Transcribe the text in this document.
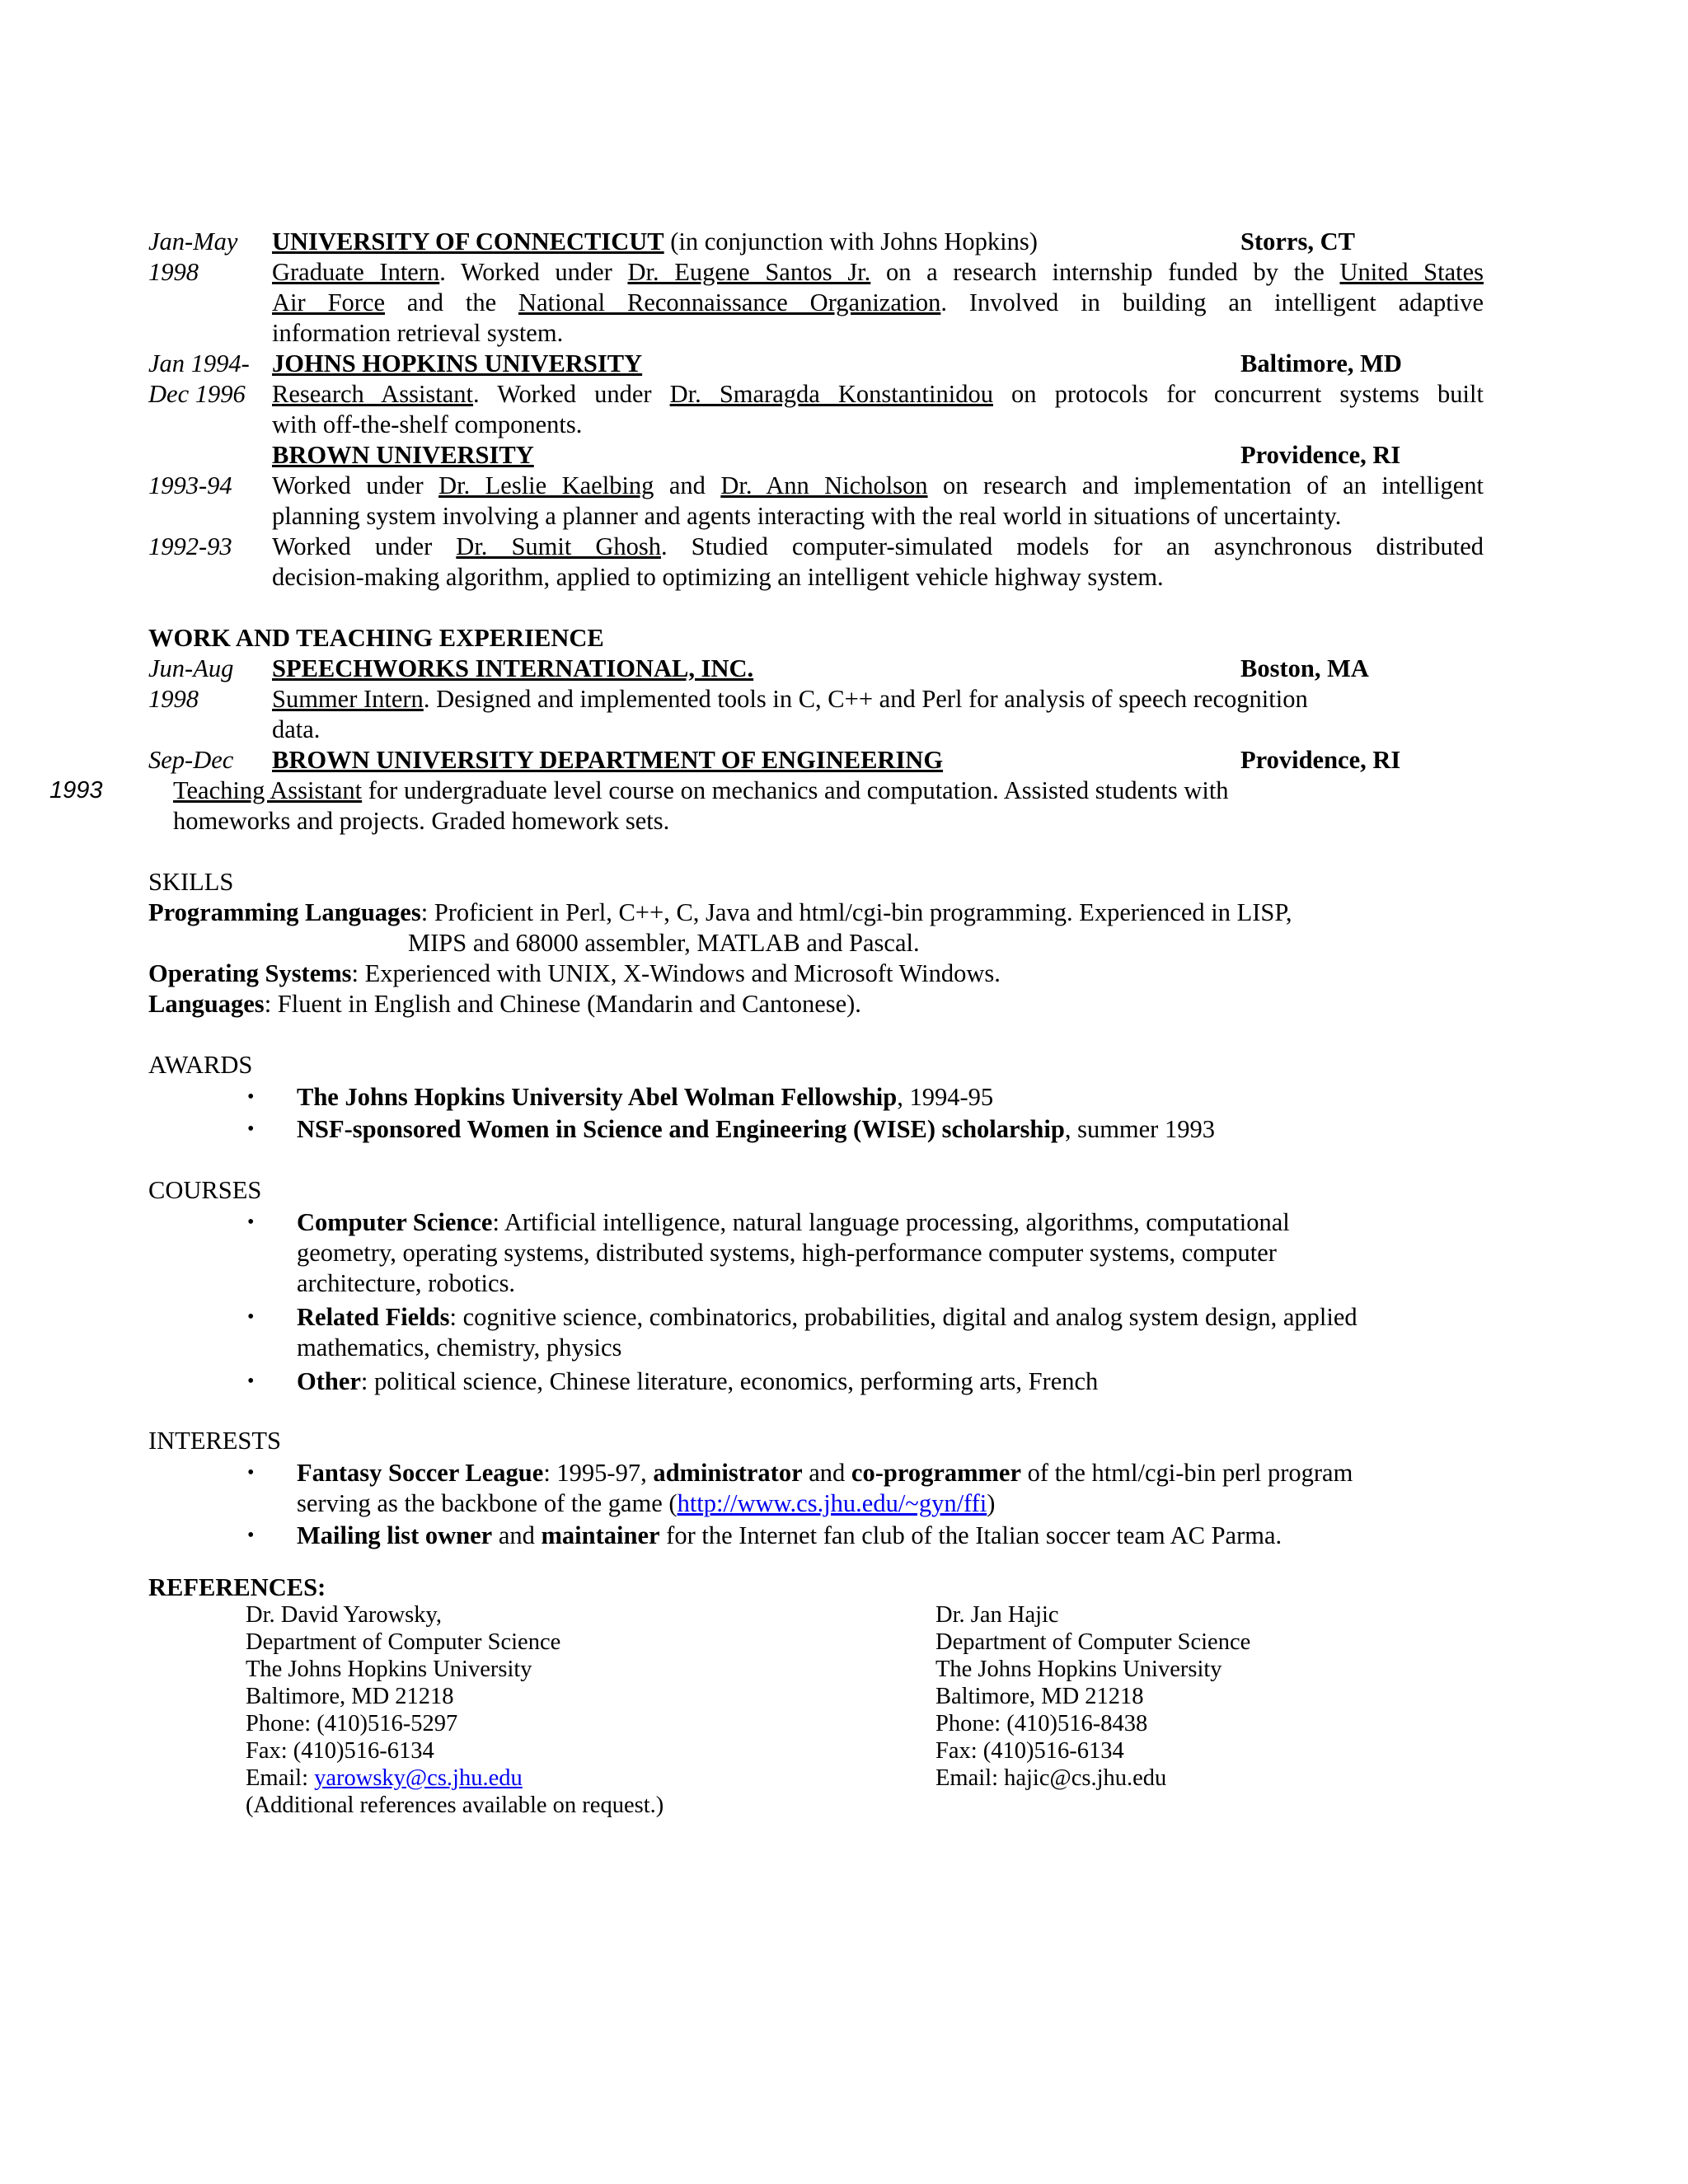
Jan-May UNIVERSITY OF CONNECTICUT (in conjunction with Johns Hopkins)	Storrs, CT
1998	Graduate Intern. Worked under Dr. Eugene Santos Jr. on a research internship funded by the United States
Air Force and the National Reconnaissance Organization. Involved in building an intelligent adaptive
information retrieval system.
Jan 1994- JOHNS HOPKINS UNIVERSITY	Baltimore, MD
Dec 1996 Research Assistant. Worked under Dr. Smaragda Konstantinidou on protocols for concurrent systems built
with off-the-shelf components.
BROWN UNIVERSITY	Providence, RI
1993-94 Worked under Dr. Leslie Kaelbing and Dr. Ann Nicholson on research and implementation of an intelligent
planning system involving a planner and agents interacting with the real world in situations of uncertainty.
1992-93 Worked under Dr. Sumit Ghosh. Studied computer-simulated models for an asynchronous distributed
decision-making algorithm, applied to optimizing an intelligent vehicle highway system.
WORK AND TEACHING EXPERIENCE
Jun-Aug SPEECHWORKS INTERNATIONAL, INC.	Boston, MA
1998	Summer Intern. Designed and implemented tools in C, C++ and Perl for analysis of speech recognition
data.
Sep-Dec BROWN UNIVERSITY DEPARTMENT OF ENGINEERING	Providence, RI
1993	Teaching Assistant for undergraduate level course on mechanics and computation. Assisted students with
homeworks and projects. Graded homework sets.
SKILLS
Programming Languages: Proficient in Perl, C++, C, Java and html/cgi-bin programming. Experienced in LISP,
MIPS and 68000 assembler, MATLAB and Pascal.
Operating Systems: Experienced with UNIX, X-Windows and Microsoft Windows.
Languages: Fluent in English and Chinese (Mandarin and Cantonese).
AWARDS
• The Johns Hopkins University Abel Wolman Fellowship, 1994-95
• NSF-sponsored Women in Science and Engineering (WISE) scholarship, summer 1993
COURSES
• Computer Science: Artificial intelligence, natural language processing, algorithms, computational
geometry, operating systems, distributed systems, high-performance computer systems, computer
architecture, robotics.
• Related Fields: cognitive science, combinatorics, probabilities, digital and analog system design, applied
mathematics, chemistry, physics
• Other: political science, Chinese literature, economics, performing arts, French
INTERESTS
• Fantasy Soccer League: 1995-97, administrator and co-programmer of the html/cgi-bin perl program
serving as the backbone of the game (http://www.cs.jhu.edu/~gyn/ffi)
• Mailing list owner and maintainer for the Internet fan club of the Italian soccer team AC Parma.
REFERENCES:
Dr. David Yarowsky,
Department of Computer Science
The Johns Hopkins University
Baltimore, MD 21218
Phone: (410)516-5297
Fax: (410)516-6134
Email: yarowsky@cs.jhu.edu
(Additional references available on request.)
Dr. Jan Hajic
Department of Computer Science
The Johns Hopkins University
Baltimore, MD 21218
Phone: (410)516-8438
Fax: (410)516-6134
Email: hajic@cs.jhu.edu
